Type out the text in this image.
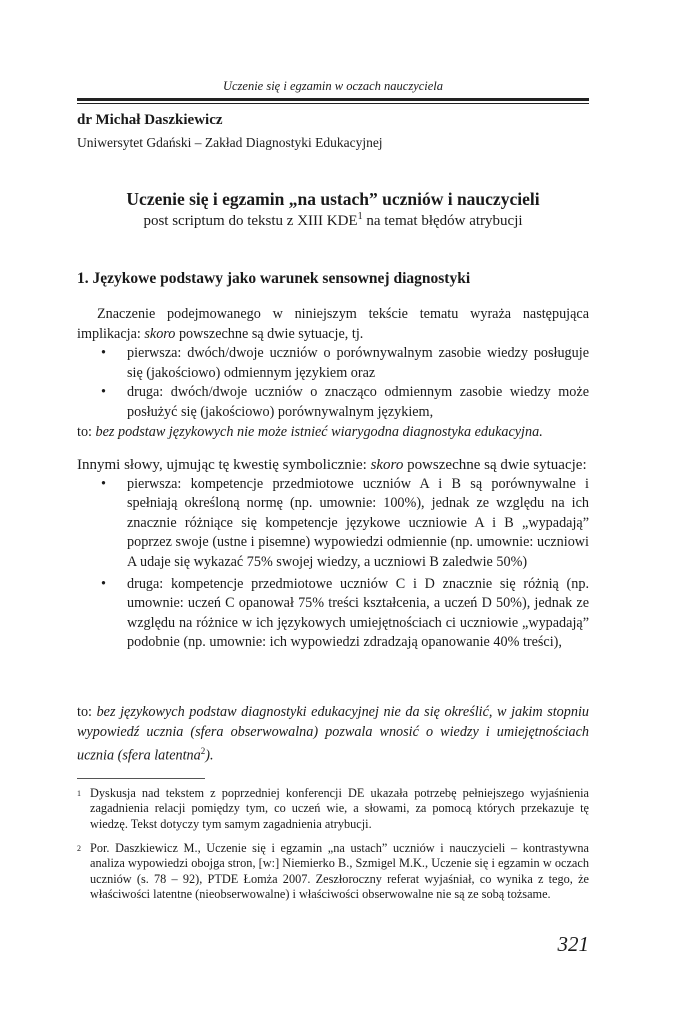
Uczenie się i egzamin w oczach nauczyciela
dr Michał Daszkiewicz
Uniwersytet Gdański – Zakład Diagnostyki Edukacyjnej
Uczenie się i egzamin „na ustach” uczniów i nauczycieli
post scriptum do tekstu z XIII KDE$^1$ na temat błędów atrybucji
1. Językowe podstawy jako warunek sensownej diagnostyki
Znaczenie podejmowanego w niniejszym tekście tematu wyraża następująca implikacja: skoro powszechne są dwie sytuacje, tj.
• pierwsza: dwóch/dwoje uczniów o porównywalnym zasobie wiedzy posługuje się (jakościowo) odmiennym językiem oraz
• druga: dwóch/dwoje uczniów o znacząco odmiennym zasobie wiedzy może posłużyć się (jakościowo) porównywalnym językiem,
to: bez podstaw językowych nie może istnieć wiarygodna diagnostyka edukacyjna.
Innymi słowy, ujmując tę kwestię symbolicznie: skoro powszechne są dwie sytuacje:
• pierwsza: kompetencje przedmiotowe uczniów A i B są porównywalne i spełniają określoną normę (np. umownie: 100%), jednak ze względu na ich znacznie różniące się kompetencje językowe uczniowie A i B „wypadają” poprzez swoje (ustne i pisemne) wypowiedzi odmiennie (np. umownie: uczniowi A udaje się wykazać 75% swojej wiedzy, a uczniowi B zaledwie 50%)
• druga: kompetencje przedmiotowe uczniów C i D znacznie się różnią (np. umownie: uczeń C opanował 75% treści kształcenia, a uczeń D 50%), jednak ze względu na różnice w ich językowych umiejętnościach ci uczniowie „wypadają” podobnie (np. umownie: ich wypowiedzi zdradzają opanowanie 40% treści),
to: bez językowych podstaw diagnostyki edukacyjnej nie da się określić, w jakim stopniu wypowiedź ucznia (sfera obserwowalna) pozwala wnosić o wiedzy i umiejętnościach ucznia (sfera latentna$^2$).
1 Dyskusja nad tekstem z poprzedniej konferencji DE ukazała potrzebę pełniejszego wyjaśnienia zagadnienia relacji pomiędzy tym, co uczeń wie, a słowami, za pomocą których przekazuje tę wiedzę. Tekst dotyczy tym samym zagadnienia atrybucji.
2 Por. Daszkiewicz M., Uczenie się i egzamin „na ustach” uczniów i nauczycieli – kontrastywna analiza wypowiedzi obojga stron, [w:] Niemierko B., Szmigel M.K., Uczenie się i egzamin w oczach uczniów (s. 78 – 92), PTDE Łomża 2007. Zeszłoroczny referat wyjaśniał, co wynika z tego, że właściwości latentne (nieobserwowalne) i właściwości obserwowalne nie są ze sobą tożsame.
321
